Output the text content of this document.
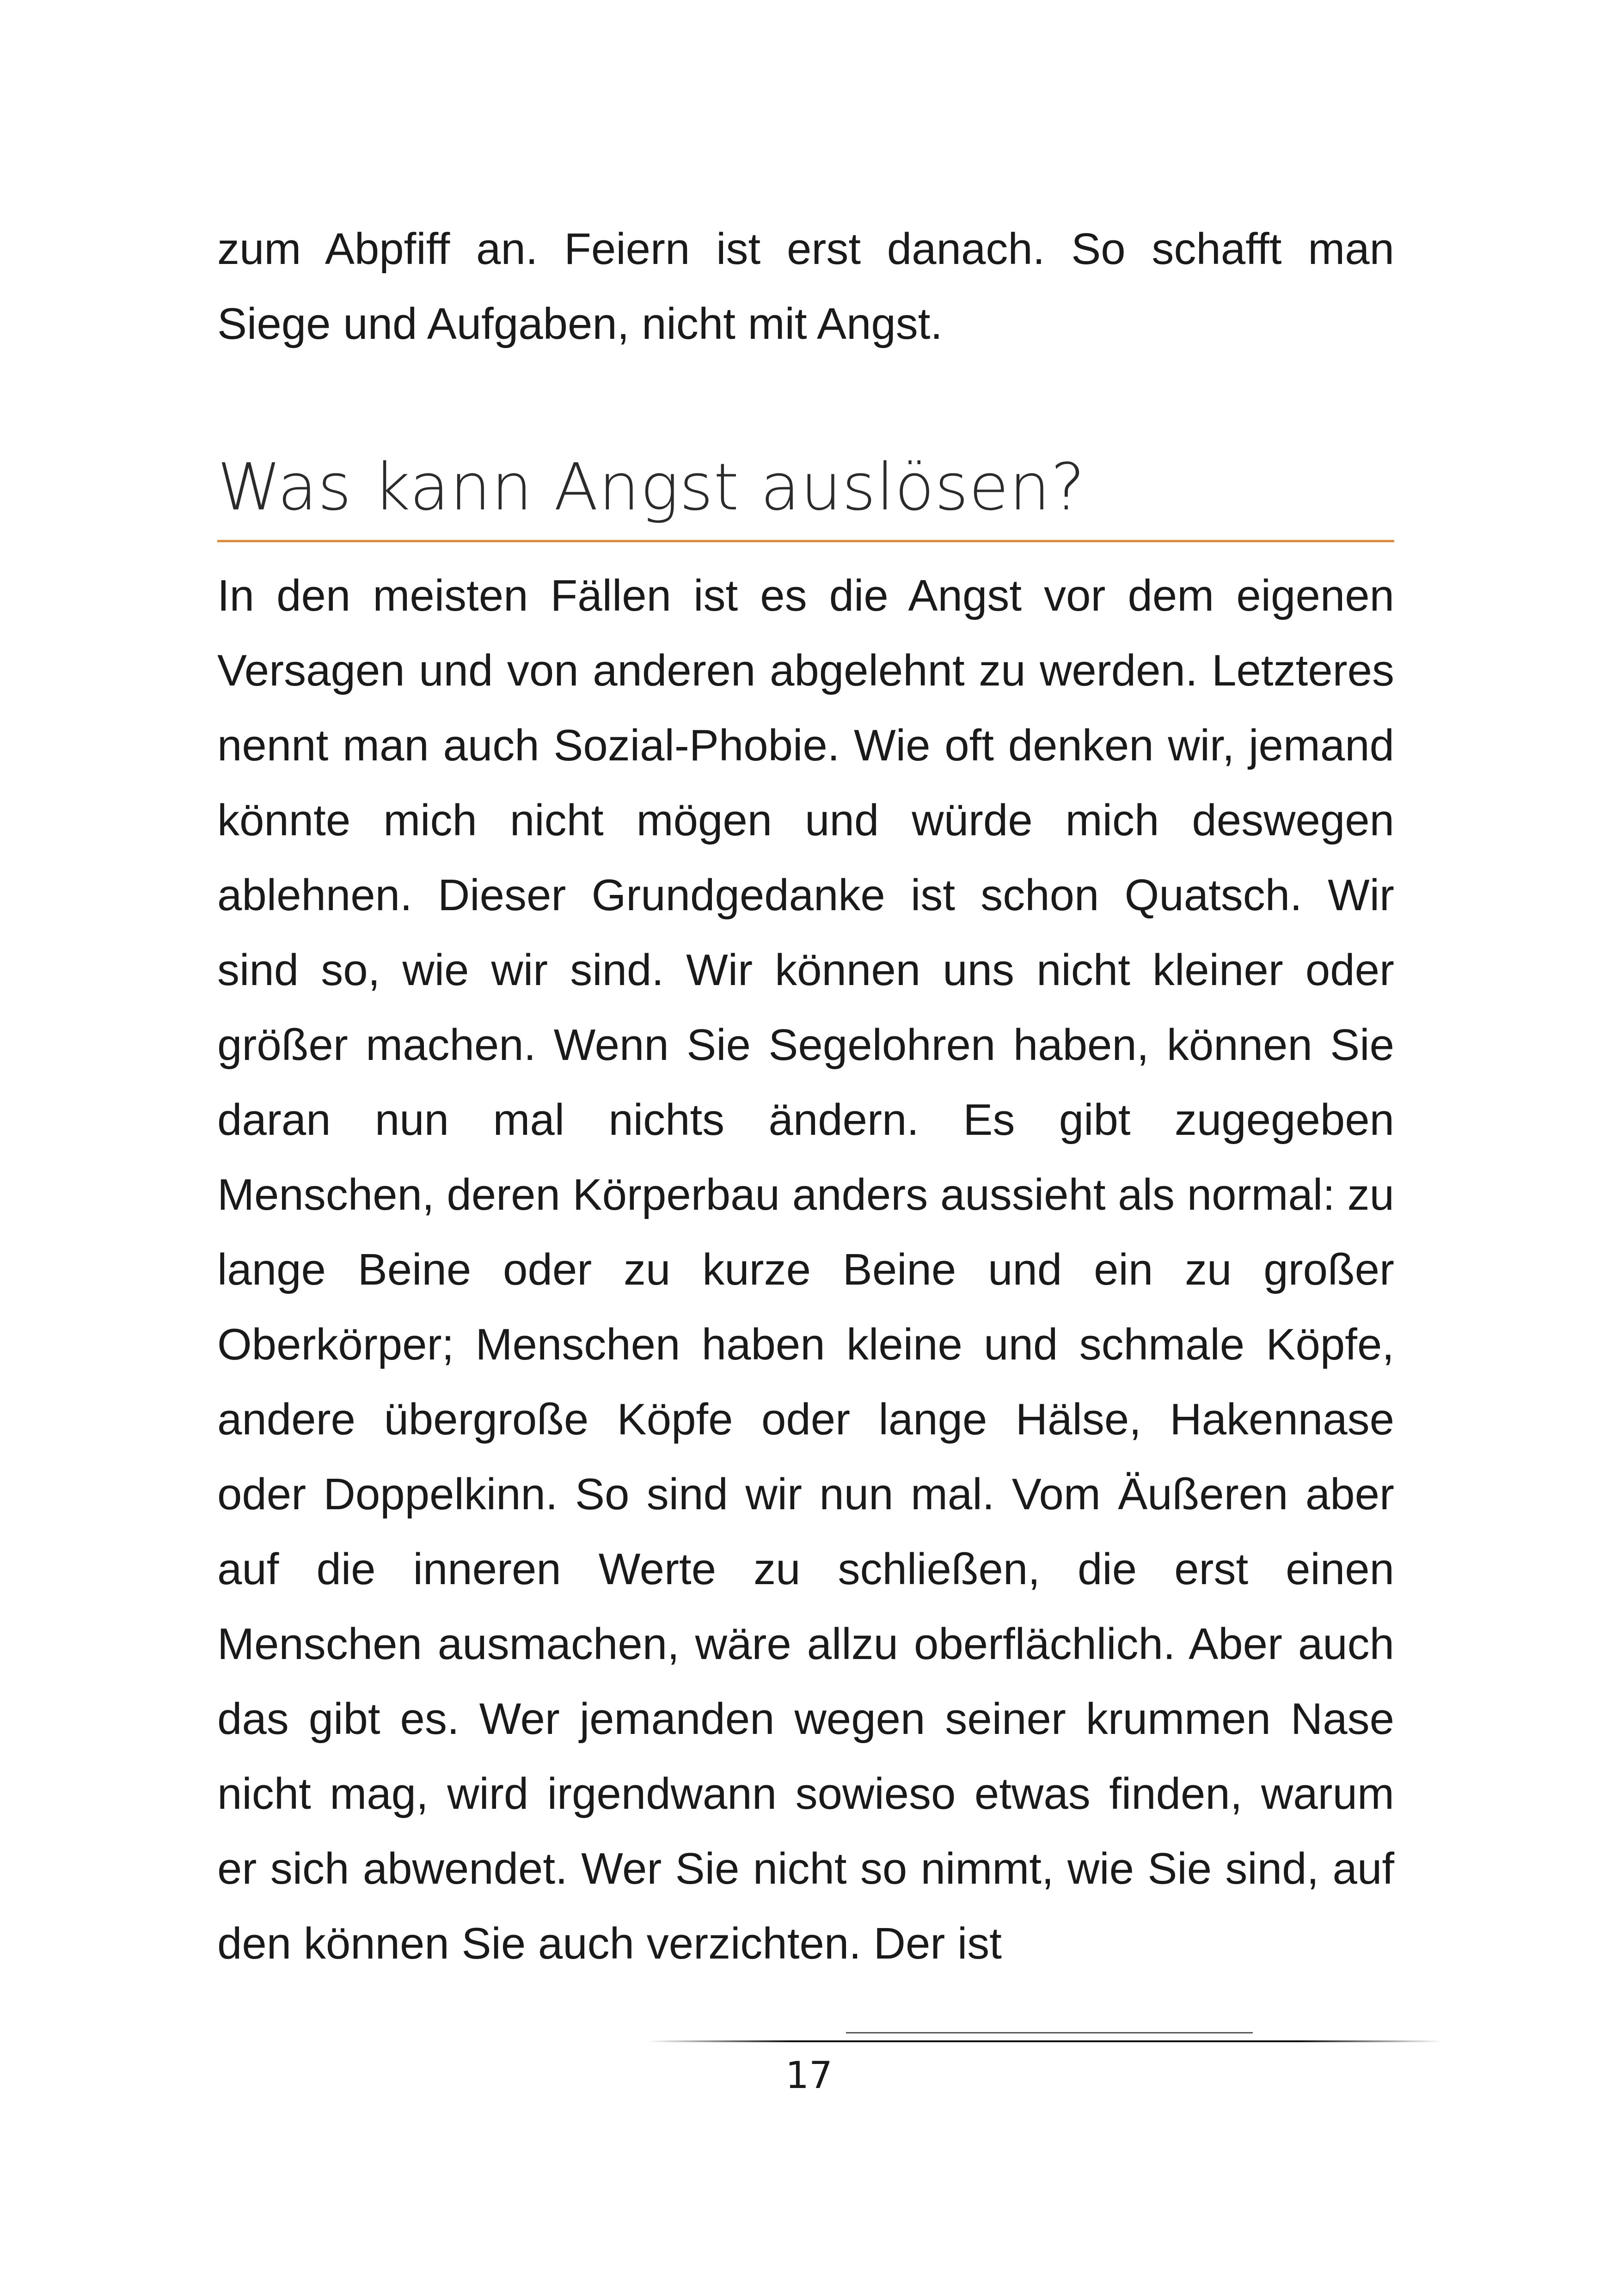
zum Abpfiff an. Feiern ist erst danach. So schafft man Siege und Aufgaben, nicht mit Angst.

Was kann Angst auslösen?

In den meisten Fällen ist es die Angst vor dem eigenen Versagen und von anderen abgelehnt zu werden. Letzteres nennt man auch Sozial-Phobie. Wie oft denken wir, jemand könnte mich nicht mögen und würde mich deswegen ablehnen. Dieser Grundgedanke ist schon Quatsch. Wir sind so, wie wir sind. Wir können uns nicht kleiner oder größer machen. Wenn Sie Segelohren haben, können Sie daran nun mal nichts ändern. Es gibt zugegeben Menschen, deren Körperbau anders aussieht als normal: zu lange Beine oder zu kurze Beine und ein zu großer Oberkörper; Menschen haben kleine und schmale Köpfe, andere übergroße Köpfe oder lange Hälse, Hakennase oder Doppelkinn. So sind wir nun mal. Vom Äußeren aber auf die inneren Werte zu schließen, die erst einen Menschen ausmachen, wäre allzu oberflächlich. Aber auch das gibt es. Wer jemanden wegen seiner krummen Nase nicht mag, wird irgendwann sowieso etwas finden, warum er sich abwendet. Wer Sie nicht so nimmt, wie Sie sind, auf den können Sie auch verzichten. Der ist

17
